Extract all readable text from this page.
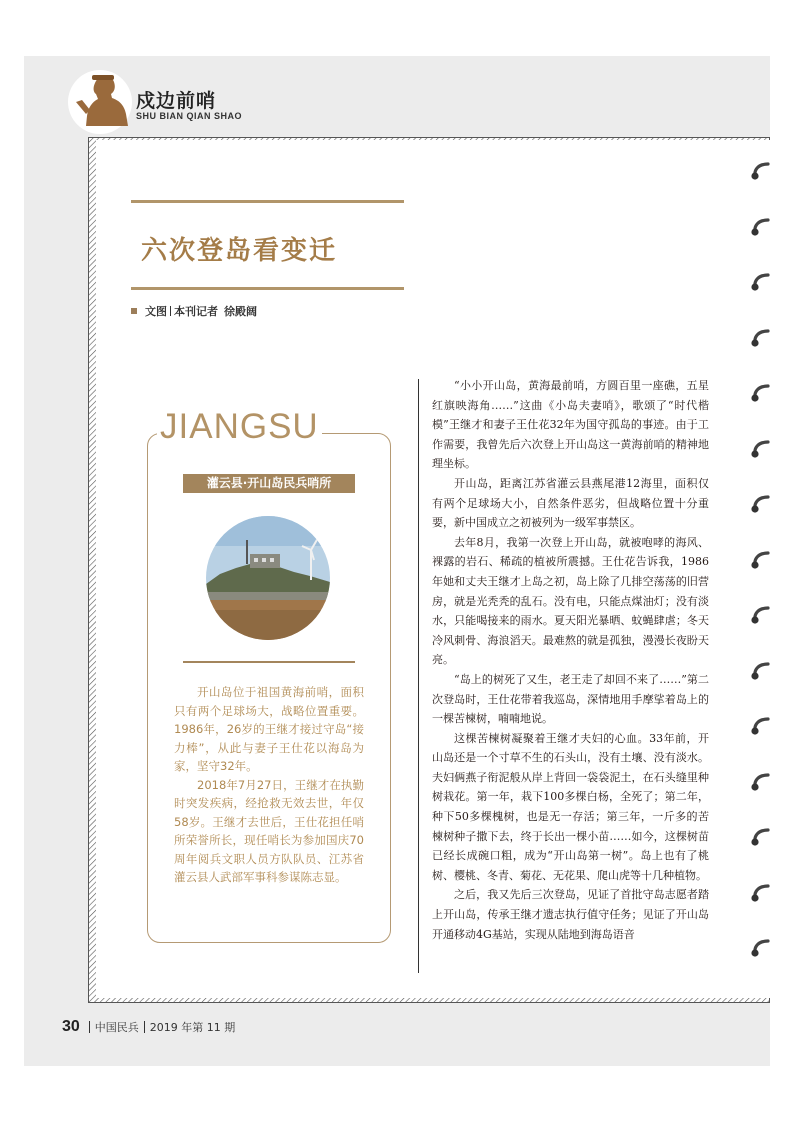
戍边前哨
SHU BIAN QIAN SHAO
六次登岛看变迁
文图 本刊记者 徐殿阔
JIANGSU
灌云县·开山岛民兵哨所

开山岛位于祖国黄海前哨，面积只有两个足球场大，战略位置重要。1986年，26岁的王继才接过守岛“接力棒”，从此与妻子王仕花以海岛为家，坚守32年。

2018年7月27日，王继才在执勤时突发疾病，经抢救无效去世，年仅58岁。王继才去世后，王仕花担任哨所荣誉所长，现任哨长为参加国庆70周年阅兵文职人员方队队员、江苏省灌云县人武部军事科参谋陈志显。

“小小开山岛，黄海最前哨，方圆百里一座礁，五星红旗映海角……”这曲《小岛夫妻哨》，歌颂了“时代楷模”王继才和妻子王仕花32年为国守孤岛的事迹。由于工作需要，我曾先后六次登上开山岛这一黄海前哨的精神地理坐标。

开山岛，距离江苏省灌云县燕尾港12海里，面积仅有两个足球场大小，自然条件恶劣，但战略位置十分重要，新中国成立之初被列为一级军事禁区。

去年8月，我第一次登上开山岛，就被咆哮的海风、裸露的岩石、稀疏的植被所震撼。王仕花告诉我，1986年她和丈夫王继才上岛之初，岛上除了几排空荡荡的旧营房，就是光秃秃的乱石。没有电，只能点煤油灯；没有淡水，只能喝接来的雨水。夏天阳光暴晒、蚊蝇肆虐；冬天冷风刺骨、海浪滔天。最难熬的就是孤独，漫漫长夜盼天亮。

“岛上的树死了又生，老王走了却回不来了……”第二次登岛时，王仕花带着我巡岛，深情地用手摩挲着岛上的一棵苦楝树，喃喃地说。

这棵苦楝树凝聚着王继才夫妇的心血。33年前，开山岛还是一个寸草不生的石头山，没有土壤、没有淡水。夫妇俩燕子衔泥般从岸上背回一袋袋泥土，在石头缝里种树栽花。第一年，栽下100多棵白杨，全死了；第二年，种下50多棵槐树，也是无一存活；第三年，一斤多的苦楝树种子撒下去，终于长出一棵小苗……如今，这棵树苗已经长成碗口粗，成为“开山岛第一树”。岛上也有了桃树、樱桃、冬青、菊花、无花果、爬山虎等十几种植物。

之后，我又先后三次登岛，见证了首批守岛志愿者踏上开山岛，传承王继才遗志执行值守任务；见证了开山岛开通移动4G基站，实现从陆地到海岛语音

30 中国民兵 2019 年第 11 期
